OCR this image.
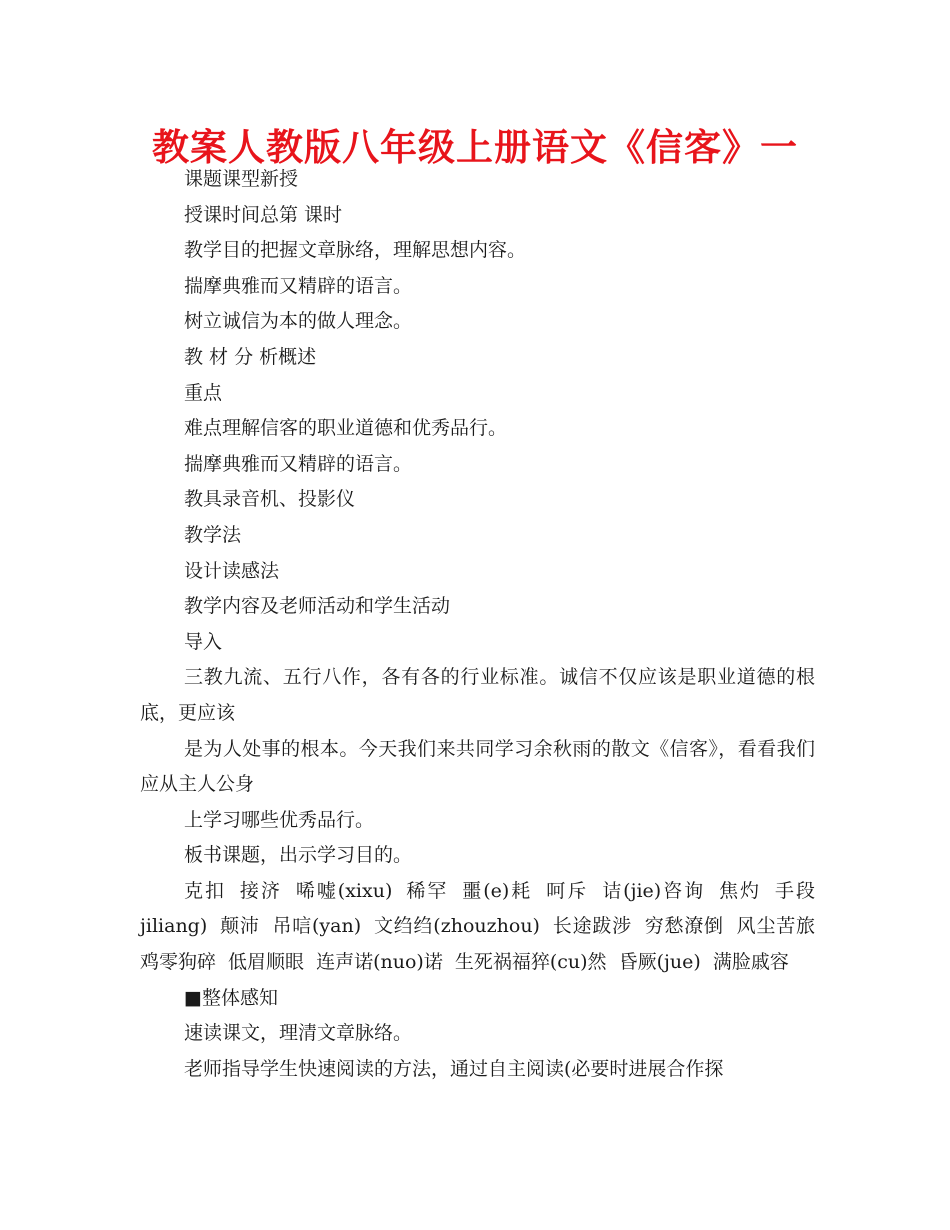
教案人教版八年级上册语文《信客》一

课题课型新授

授课时间总第 课时

教学目的把握文章脉络，理解思想内容。

揣摩典雅而又精辟的语言。

树立诚信为本的做人理念。

教 材 分 析概述

重点

难点理解信客的职业道德和优秀品行。

揣摩典雅而又精辟的语言。

教具录音机、投影仪

教学法

设计读感法

教学内容及老师活动和学生活动

导入

三教九流、五行八作，各有各的行业标准。诚信不仅应该是职业道德的根底，更应该

是为人处事的根本。今天我们来共同学习余秋雨的散文《信客》，看看我们应从主人公身

上学习哪些优秀品行。

板书课题，出示学习目的。

克扣 接济 唏嘘(xixu) 稀罕 噩(e)耗 呵斥 诘(jie)咨询 焦灼 手段 jiliang) 颠沛 吊唁(yan) 文绉绉(zhouzhou) 长途跋涉 穷愁潦倒 风尘苦旅 鸡零狗碎 低眉顺眼 连声诺(nuo)诺 生死祸福猝(cu)然 昏厥(jue) 满脸戚容

■整体感知

速读课文，理清文章脉络。

老师指导学生快速阅读的方法，通过自主阅读(必要时进展合作探
